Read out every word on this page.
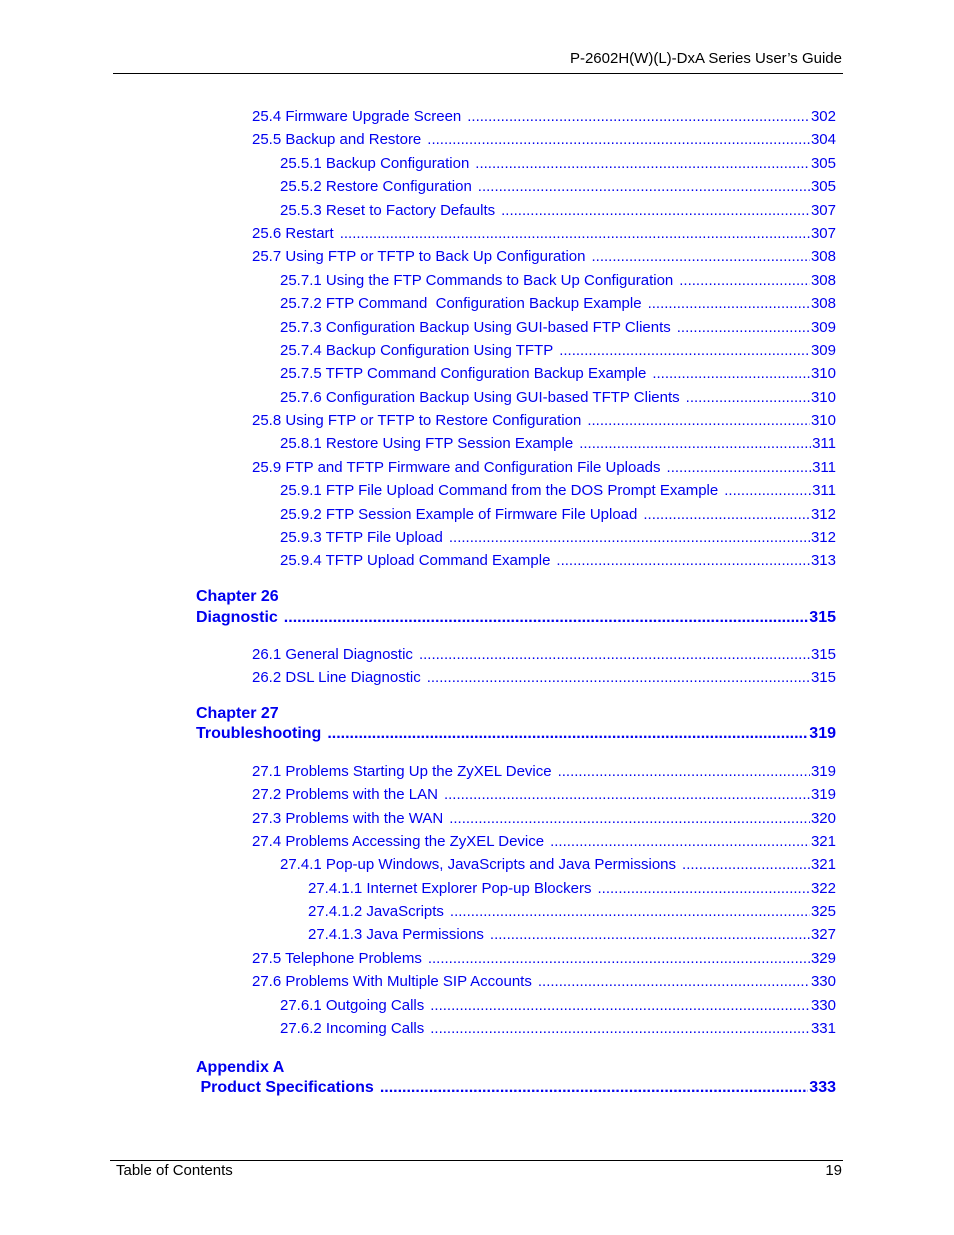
P-2602H(W)(L)-DxA Series User’s Guide
25.4 Firmware Upgrade Screen .....	302
25.5 Backup and Restore .....	304
25.5.1 Backup Configuration .....	305
25.5.2 Restore Configuration .....	305
25.5.3 Reset to Factory Defaults .....	307
25.6 Restart .....	307
25.7 Using FTP or TFTP to Back Up Configuration .....	308
25.7.1 Using the FTP Commands to Back Up Configuration .....	308
25.7.2 FTP Command  Configuration Backup Example .....	308
25.7.3 Configuration Backup Using GUI-based FTP Clients .....	309
25.7.4 Backup Configuration Using TFTP .....	309
25.7.5 TFTP Command Configuration Backup Example .....	310
25.7.6 Configuration Backup Using GUI-based TFTP Clients .....	310
25.8 Using FTP or TFTP to Restore Configuration .....	310
25.8.1 Restore Using FTP Session Example .....	311
25.9 FTP and TFTP Firmware and Configuration File Uploads .....	311
25.9.1 FTP File Upload Command from the DOS Prompt Example .....	311
25.9.2 FTP Session Example of Firmware File Upload .....	312
25.9.3 TFTP File Upload .....	312
25.9.4 TFTP Upload Command Example .....	313
Chapter 26
Diagnostic .....	315
26.1 General Diagnostic .....	315
26.2 DSL Line Diagnostic .....	315
Chapter 27
Troubleshooting .....	319
27.1 Problems Starting Up the ZyXEL Device .....	319
27.2 Problems with the LAN .....	319
27.3 Problems with the WAN .....	320
27.4 Problems Accessing the ZyXEL Device .....	321
27.4.1 Pop-up Windows, JavaScripts and Java Permissions .....	321
27.4.1.1 Internet Explorer Pop-up Blockers .....	322
27.4.1.2 JavaScripts .....	325
27.4.1.3 Java Permissions .....	327
27.5 Telephone Problems .....	329
27.6 Problems With Multiple SIP Accounts .....	330
27.6.1 Outgoing Calls .....	330
27.6.2 Incoming Calls .....	331
Appendix A
Product Specifications .....	333
Table of Contents	19
